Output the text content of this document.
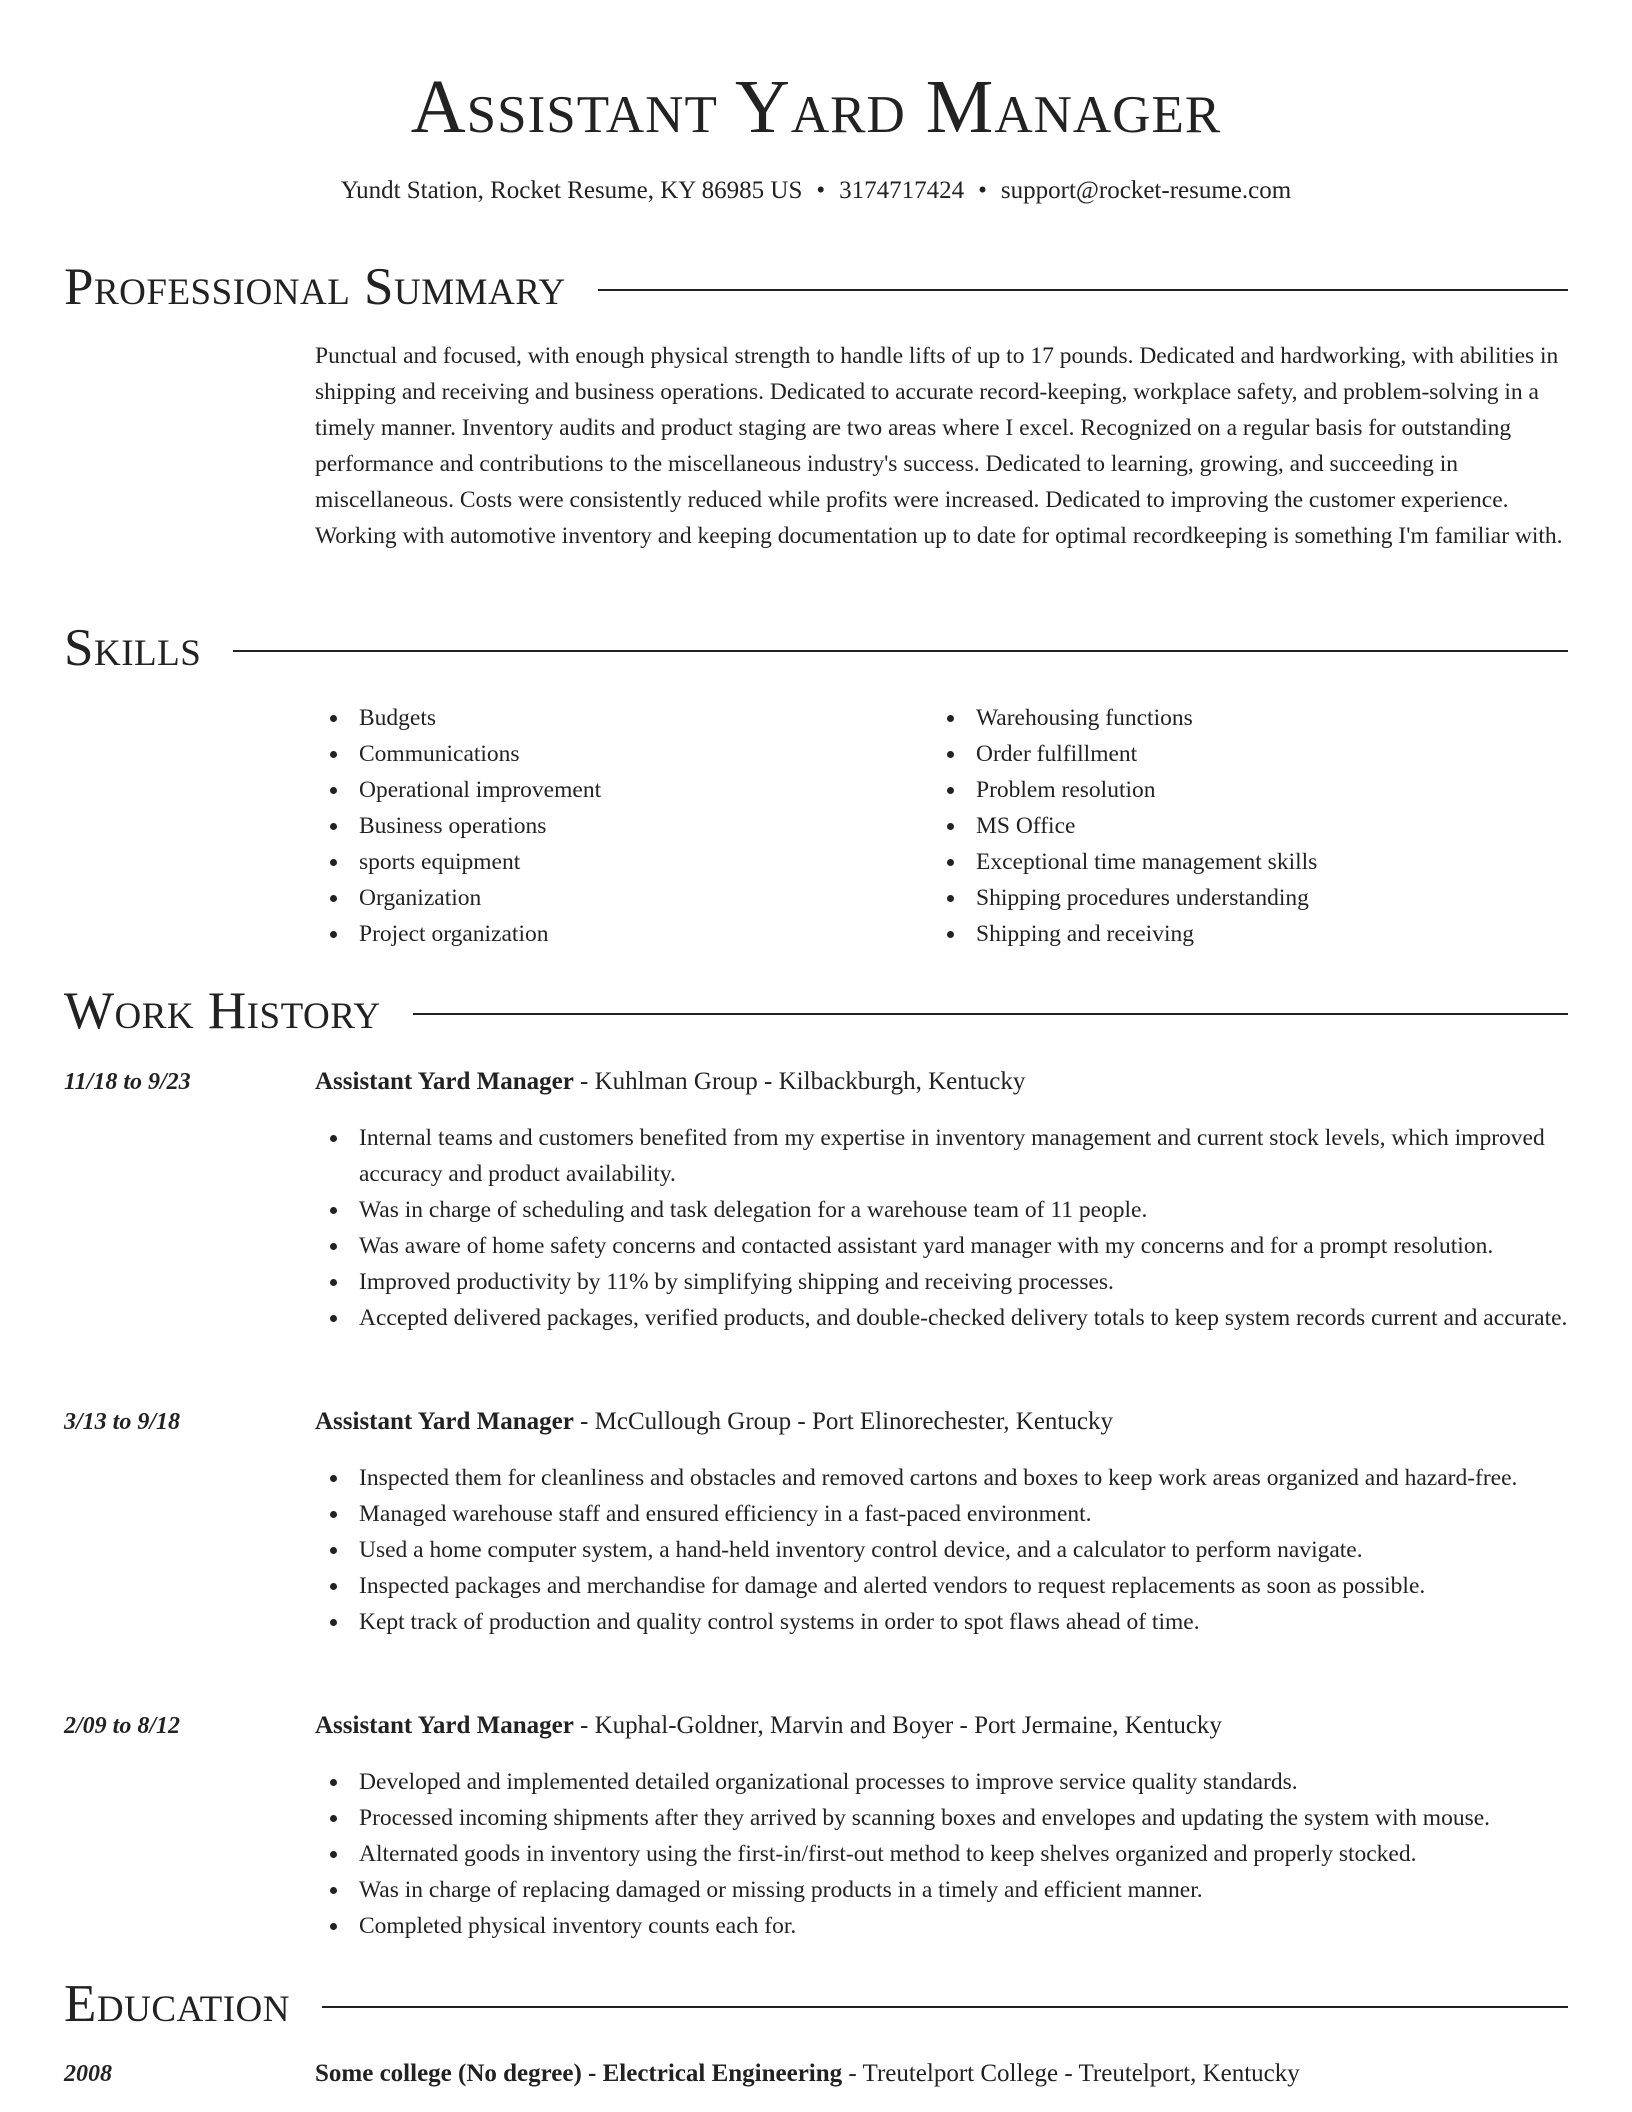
Assistant Yard Manager
Yundt Station, Rocket Resume, KY 86985 US • 3174717424 • support@rocket-resume.com
Professional Summary

Punctual and focused, with enough physical strength to handle lifts of up to 17 pounds. Dedicated and hardworking, with abilities in shipping and receiving and business operations. Dedicated to accurate record-keeping, workplace safety, and problem-solving in a timely manner. Inventory audits and product staging are two areas where I excel. Recognized on a regular basis for outstanding performance and contributions to the miscellaneous industry's success. Dedicated to learning, growing, and succeeding in miscellaneous. Costs were consistently reduced while profits were increased. Dedicated to improving the customer experience. Working with automotive inventory and keeping documentation up to date for optimal recordkeeping is something I'm familiar with.

Skills
Budgets
Communications
Operational improvement
Business operations
sports equipment
Organization
Project organization
Warehousing functions
Order fulfillment
Problem resolution
MS Office
Exceptional time management skills
Shipping procedures understanding
Shipping and receiving
Work History
11/18 to 9/23	Assistant Yard Manager - Kuhlman Group - Kilbackburgh, Kentucky
Internal teams and customers benefited from my expertise in inventory management and current stock levels, which improved accuracy and product availability.
Was in charge of scheduling and task delegation for a warehouse team of 11 people.
Was aware of home safety concerns and contacted assistant yard manager with my concerns and for a prompt resolution.
Improved productivity by 11% by simplifying shipping and receiving processes.
Accepted delivered packages, verified products, and double-checked delivery totals to keep system records current and accurate.
3/13 to 9/18	Assistant Yard Manager - McCullough Group - Port Elinorechester, Kentucky
Inspected them for cleanliness and obstacles and removed cartons and boxes to keep work areas organized and hazard-free.
Managed warehouse staff and ensured efficiency in a fast-paced environment.
Used a home computer system, a hand-held inventory control device, and a calculator to perform navigate.
Inspected packages and merchandise for damage and alerted vendors to request replacements as soon as possible.
Kept track of production and quality control systems in order to spot flaws ahead of time.
2/09 to 8/12	Assistant Yard Manager - Kuphal-Goldner, Marvin and Boyer - Port Jermaine, Kentucky
Developed and implemented detailed organizational processes to improve service quality standards.
Processed incoming shipments after they arrived by scanning boxes and envelopes and updating the system with mouse.
Alternated goods in inventory using the first-in/first-out method to keep shelves organized and properly stocked.
Was in charge of replacing damaged or missing products in a timely and efficient manner.
Completed physical inventory counts each for.
Education
2008	Some college (No degree) - Electrical Engineering - Treutelport College - Treutelport, Kentucky
